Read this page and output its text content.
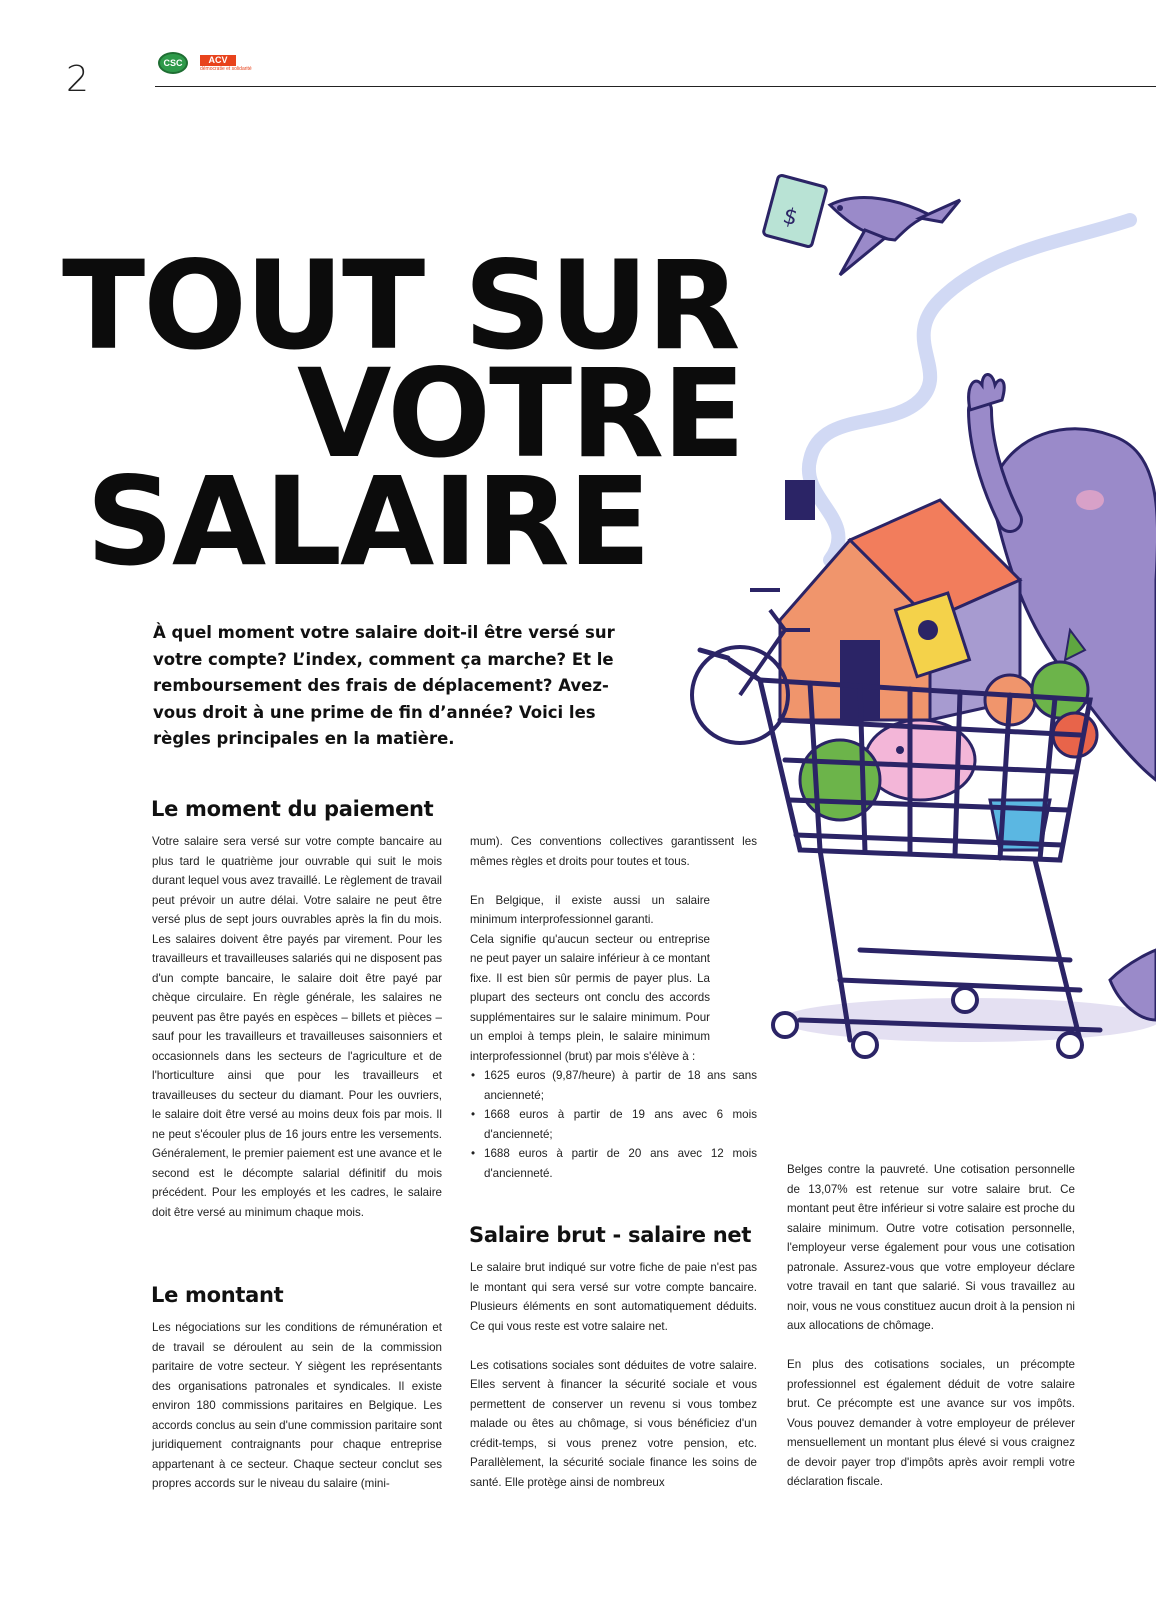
2	CSC	ACV
démocratie et solidarité
TOUT SUR
VOTRE
SALAIRE
À quel moment votre salaire doit-il être versé sur votre compte? L’index, comment ça marche? Et le remboursement des frais de déplacement? Avez-vous droit à une prime de fin d’année? Voici les règles principales en la matière.
$
Le moment du paiement

Votre salaire sera versé sur votre compte bancaire au plus tard le quatrième jour ouvrable qui suit le mois durant lequel vous avez travaillé. Le règlement de travail peut prévoir un autre délai. Votre salaire ne peut être versé plus de sept jours ouvrables après la fin du mois. Les salaires doivent être payés par virement. Pour les travailleurs et travailleuses salariés qui ne disposent pas d'un compte bancaire, le salaire doit être payé par chèque circulaire. En règle générale, les salaires ne peuvent pas être payés en espèces – billets et pièces – sauf pour les travailleurs et travailleuses saisonniers et occasionnels dans les secteurs de l'agriculture et de l'horticulture ainsi que pour les travailleurs et travailleuses du secteur du diamant. Pour les ouvriers, le salaire doit être versé au moins deux fois par mois. Il ne peut s'écouler plus de 16 jours entre les versements. Généralement, le premier paiement est une avance et le second est le décompte salarial définitif du mois précédent. Pour les employés et les cadres, le salaire doit être versé au minimum chaque mois.

Le montant

Les négociations sur les conditions de rémunération et de travail se déroulent au sein de la commission paritaire de votre secteur. Y siègent les représentants des organisations patronales et syndicales. Il existe environ 180 commissions paritaires en Belgique. Les accords conclus au sein d'une commission paritaire sont juridiquement contraignants pour chaque entreprise appartenant à ce secteur. Chaque secteur conclut ses propres accords sur le niveau du salaire (mini-

mum). Ces conventions collectives garantissent les mêmes règles et droits pour toutes et tous.

En Belgique, il existe aussi un salaire minimum interprofessionnel garanti.

Cela signifie qu'aucun secteur ou entreprise ne peut payer un salaire inférieur à ce montant fixe. Il est bien sûr permis de payer plus. La plupart des secteurs ont conclu des accords supplémentaires sur le salaire minimum. Pour un emploi à temps plein, le salaire minimum interprofessionnel (brut) par mois s'élève à :

• 1625 euros (9,87/heure) à partir de 18 ans sans ancienneté;
• 1668 euros à partir de 19 ans avec 6 mois d'ancienneté;
• 1688 euros à partir de 20 ans avec 12 mois d'ancienneté.
Salaire brut - salaire net

Le salaire brut indiqué sur votre fiche de paie n'est pas le montant qui sera versé sur votre compte bancaire. Plusieurs éléments en sont automatiquement déduits. Ce qui vous reste est votre salaire net.

Les cotisations sociales sont déduites de votre salaire. Elles servent à financer la sécurité sociale et vous permettent de conserver un revenu si vous tombez malade ou êtes au chômage, si vous bénéficiez d'un crédit-temps, si vous prenez votre pension, etc. Parallèlement, la sécurité sociale finance les soins de santé. Elle protège ainsi de nombreux

Belges contre la pauvreté. Une cotisation personnelle de 13,07% est retenue sur votre salaire brut. Ce montant peut être inférieur si votre salaire est proche du salaire minimum. Outre votre cotisation personnelle, l'employeur verse également pour vous une cotisation patronale. Assurez-vous que votre employeur déclare votre travail en tant que salarié. Si vous travaillez au noir, vous ne vous constituez aucun droit à la pension ni aux allocations de chômage.

En plus des cotisations sociales, un précompte professionnel est également déduit de votre salaire brut. Ce précompte est une avance sur vos impôts. Vous pouvez demander à votre employeur de prélever mensuellement un montant plus élevé si vous craignez de devoir payer trop d'impôts après avoir rempli votre déclaration fiscale.
